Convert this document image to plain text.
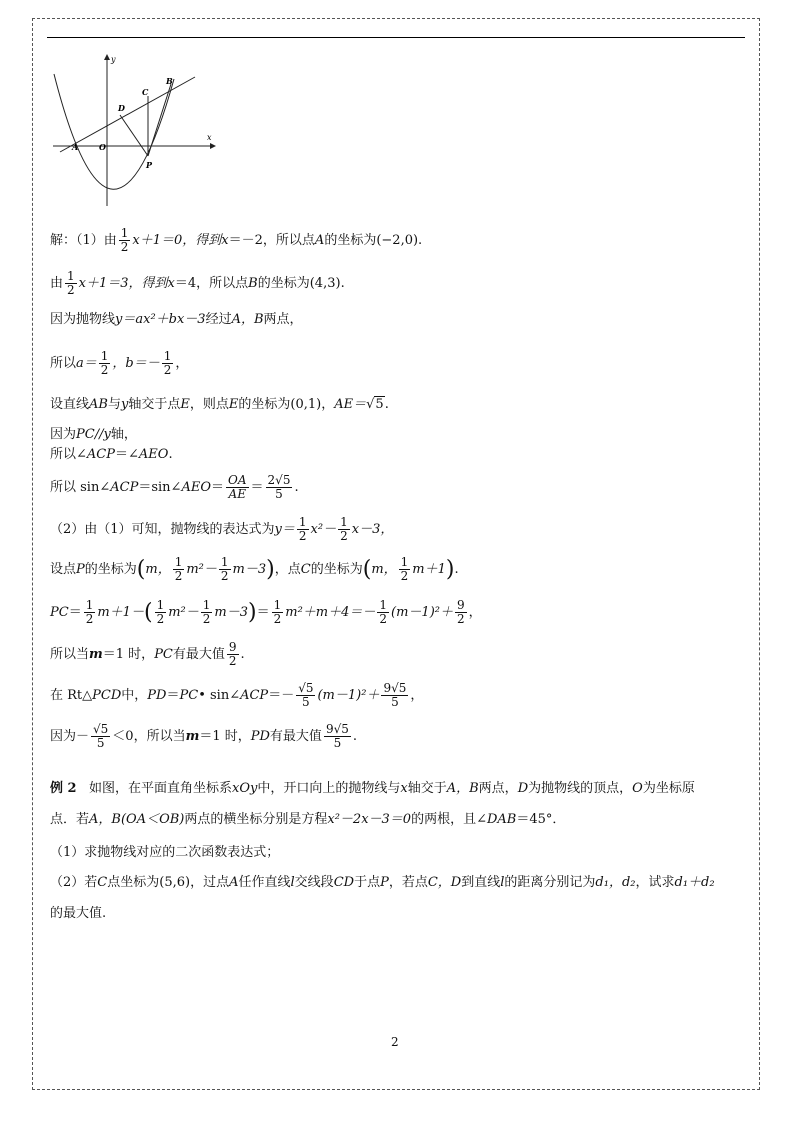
y
x
B
C
D
A	O
P
解：（1）由 $\frac{1}{2} x+1=0$，得到 x ＝－2，所以点 A 的坐标为 (−2,0) .
由 $\frac{1}{2} x+1=3$，得到 x ＝4，所以点 B 的坐标为 (4,3) .
因为抛物线 y＝ax²＋bx－3 经过 A，B 两点，
所以 $a= \frac{1}{2}$ ，$b=- \frac{1}{2}$ ，
设直线 AB 与 y 轴交于点 E ，则点 E 的坐标为 (0,1) ， AE＝ √ 5 .
因为 PC//y 轴，
所以∠ ACP ＝∠ AEO .
所以 sin∠ ACP ＝sin∠ AEO ＝ $\frac{OA}{AE} = \frac{2√5}{5}$ .
（2）由（1）可知，抛物线的表达式为 $y= \frac{1}{2} x^2- \frac{1}{2} x-3$，
设点 P 的坐标为 ( m， $\frac{1}{2} m^2- \frac{1}{2} m-3$ ) ，点 C 的坐标为 ( m， $\frac{1}{2} m+1$ ) .
PC ＝ $\frac{1}{2} m+1-$ ( $\frac{1}{2} m^2- \frac{1}{2} m-3$ ) ＝ $\frac{1}{2} m^2+m+4=- \frac{1}{2} (m-1)^2+ \frac{9}{2}$ ，
所以当 m ＝1 时， PC 有最大值 $\frac{9}{2}$ .
在 Rt△ PCD 中， PD ＝ PC • sin∠ ACP ＝－ $\frac{√5}{5} (m-1)^2+ \frac{9√5}{5}$ ，
因为－ $\frac{√5}{5} <0$，所以当 m ＝1 时， PD 有最大值 $\frac{9√5}{5}$ .
例 2
如图，在平面直角坐标系 xOy 中，开口向上的抛物线与 x 轴交于 A，B 两点， D 为抛物线的顶点， O 为坐标原
点．若 A，B (OA＜OB) 两点的横坐标分别是方程 x²－2x－3＝0 的两根，且∠ DAB ＝45°．
（1）求抛物线对应的二次函数表达式；
（2）若 C 点坐标为 (5,6) ，过点 A 任作直线 l 交线段 CD 于点 P ，若点 C，D 到直线 l 的距离分别记为 d₁，d₂ ，试求 d₁＋d₂
的最大值.
2
